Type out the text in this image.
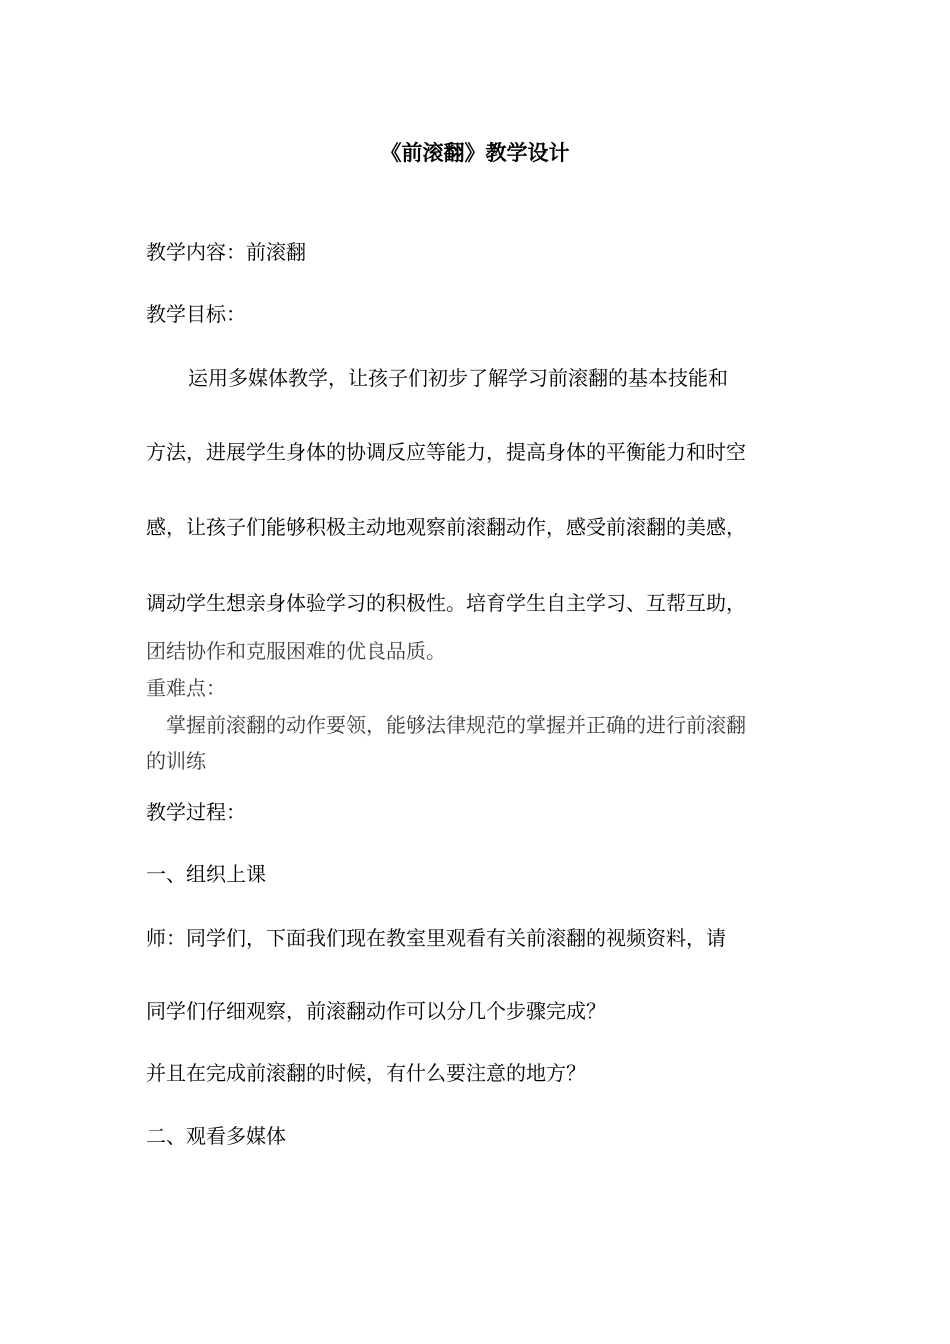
《前滚翻》教学设计

教学内容：前滚翻

教学目标：

运用多媒体教学，让孩子们初步了解学习前滚翻的基本技能和

方法，进展学生身体的协调反应等能力，提高身体的平衡能力和时空

感，让孩子们能够积极主动地观察前滚翻动作，感受前滚翻的美感，

调动学生想亲身体验学习的积极性。培育学生自主学习、互帮互助，

团结协作和克服困难的优良品质。

重难点：

掌握前滚翻的动作要领，能够法律规范的掌握并正确的进行前滚翻

的训练

教学过程：

一、组织上课

师：同学们，下面我们现在教室里观看有关前滚翻的视频资料，请

同学们仔细观察，前滚翻动作可以分几个步骤完成？

并且在完成前滚翻的时候，有什么要注意的地方？

二、观看多媒体
